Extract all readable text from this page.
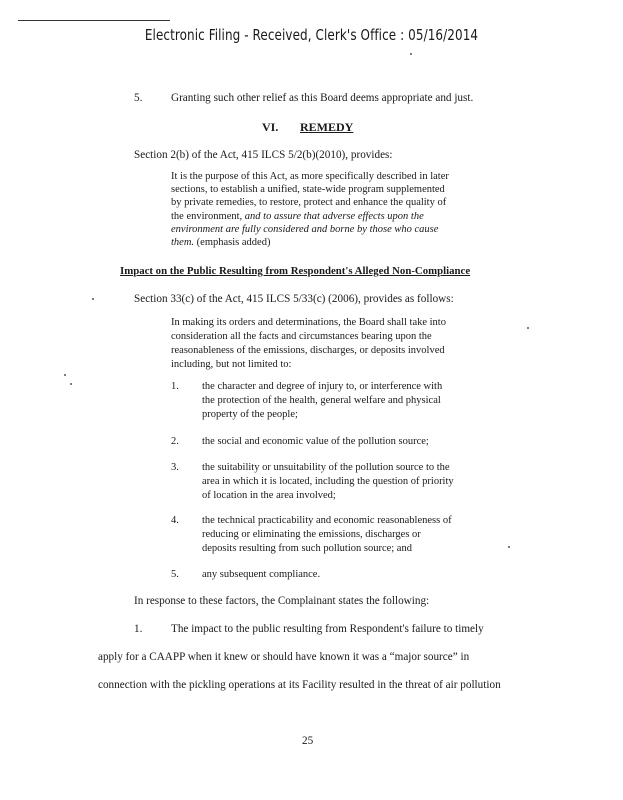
Electronic Filing - Received, Clerk's Office : 05/16/2014
5.	Granting such other relief as this Board deems appropriate and just.
VI. REMEDY
Section 2(b) of the Act, 415 ILCS 5/2(b)(2010), provides:
It is the purpose of this Act, as more specifically described in later
sections, to establish a unified, state-wide program supplemented
by private remedies, to restore, protect and enhance the quality of
the environment, and to assure that adverse effects upon the
environment are fully considered and borne by those who cause
them. (emphasis added)
Impact on the Public Resulting from Respondent's Alleged Non-Compliance
Section 33(c) of the Act, 415 ILCS 5/33(c) (2006), provides as follows:
In making its orders and determinations, the Board shall take into
consideration all the facts and circumstances bearing upon the
reasonableness of the emissions, discharges, or deposits involved
including, but not limited to:
1. the character and degree of injury to, or interference with
the protection of the health, general welfare and physical
property of the people;
2. the social and economic value of the pollution source;
3. the suitability or unsuitability of the pollution source to the
area in which it is located, including the question of priority
of location in the area involved;
4. the technical practicability and economic reasonableness of
reducing or eliminating the emissions, discharges or
deposits resulting from such pollution source; and
5. any subsequent compliance.
In response to these factors, the Complainant states the following:
1.	The impact to the public resulting from Respondent's failure to timely
apply for a CAAPP when it knew or should have known it was a “major source” in
connection with the pickling operations at its Facility resulted in the threat of air pollution
25
